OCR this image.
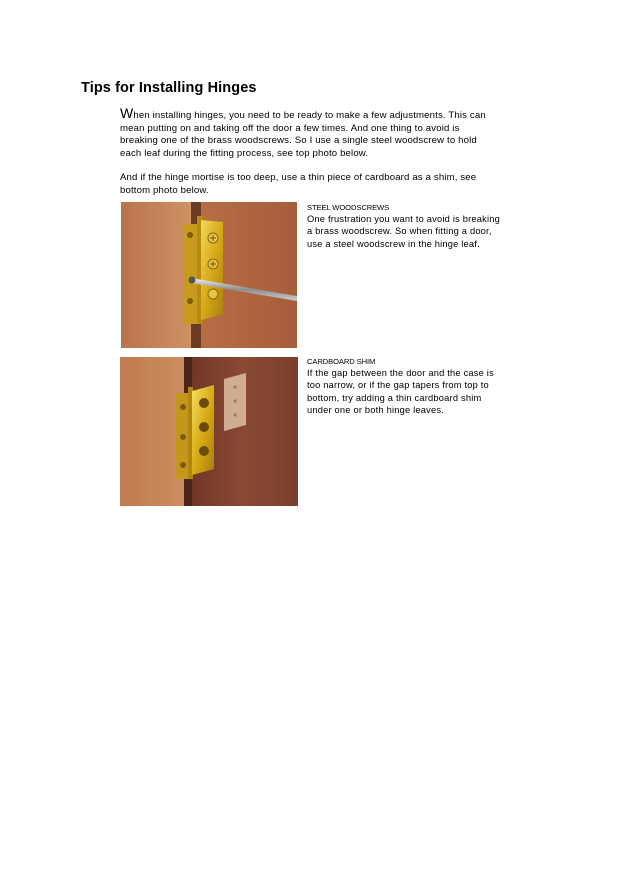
Tips for Installing Hinges

When installing hinges, you need to be ready to make a few adjustments. This can mean putting on and taking off the door a few times. And one thing to avoid is breaking one of the brass woodscrews. So I use a single steel woodscrew to hold each leaf during the fitting process, see top photo below.

And if the hinge mortise is too deep, use a thin piece of cardboard as a shim, see bottom photo below.

STEEL WOODSCREWS
One frustration you want to avoid is breaking a brass woodscrew. So when fitting a door, use a steel woodscrew in the hinge leaf.
CARDBOARD SHIM
If the gap between the door and the case is too narrow, or if the gap tapers from top to bottom, try adding a thin cardboard shim under one or both hinge leaves.
